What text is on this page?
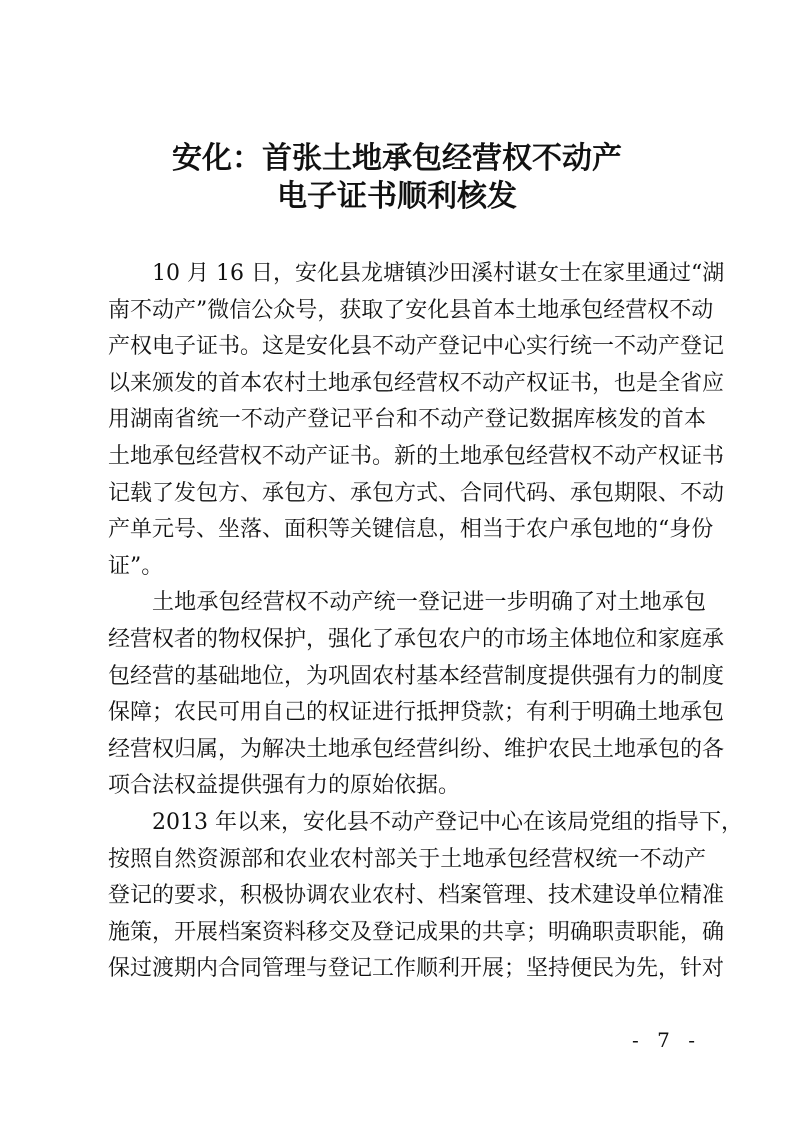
安化：首张土地承包经营权不动产
电子证书顺利核发
10 月 16 日，安化县龙塘镇沙田溪村谌女士在家里通过“湖
南不动产”微信公众号，获取了安化县首本土地承包经营权不动
产权电子证书。这是安化县不动产登记中心实行统一不动产登记
以来颁发的首本农村土地承包经营权不动产权证书，也是全省应
用湖南省统一不动产登记平台和不动产登记数据库核发的首本
土地承包经营权不动产证书。新的土地承包经营权不动产权证书
记载了发包方、承包方、承包方式、合同代码、承包期限、不动
产单元号、坐落、面积等关键信息，相当于农户承包地的“身份
证”。
土地承包经营权不动产统一登记进一步明确了对土地承包
经营权者的物权保护，强化了承包农户的市场主体地位和家庭承
包经营的基础地位，为巩固农村基本经营制度提供强有力的制度
保障；农民可用自己的权证进行抵押贷款；有利于明确土地承包
经营权归属，为解决土地承包经营纠纷、维护农民土地承包的各
项合法权益提供强有力的原始依据。
2013 年以来，安化县不动产登记中心在该局党组的指导下，
按照自然资源部和农业农村部关于土地承包经营权统一不动产
登记的要求，积极协调农业农村、档案管理、技术建设单位精准
施策，开展档案资料移交及登记成果的共享；明确职责职能，确
保过渡期内合同管理与登记工作顺利开展；坚持便民为先，针对
- 7 -
